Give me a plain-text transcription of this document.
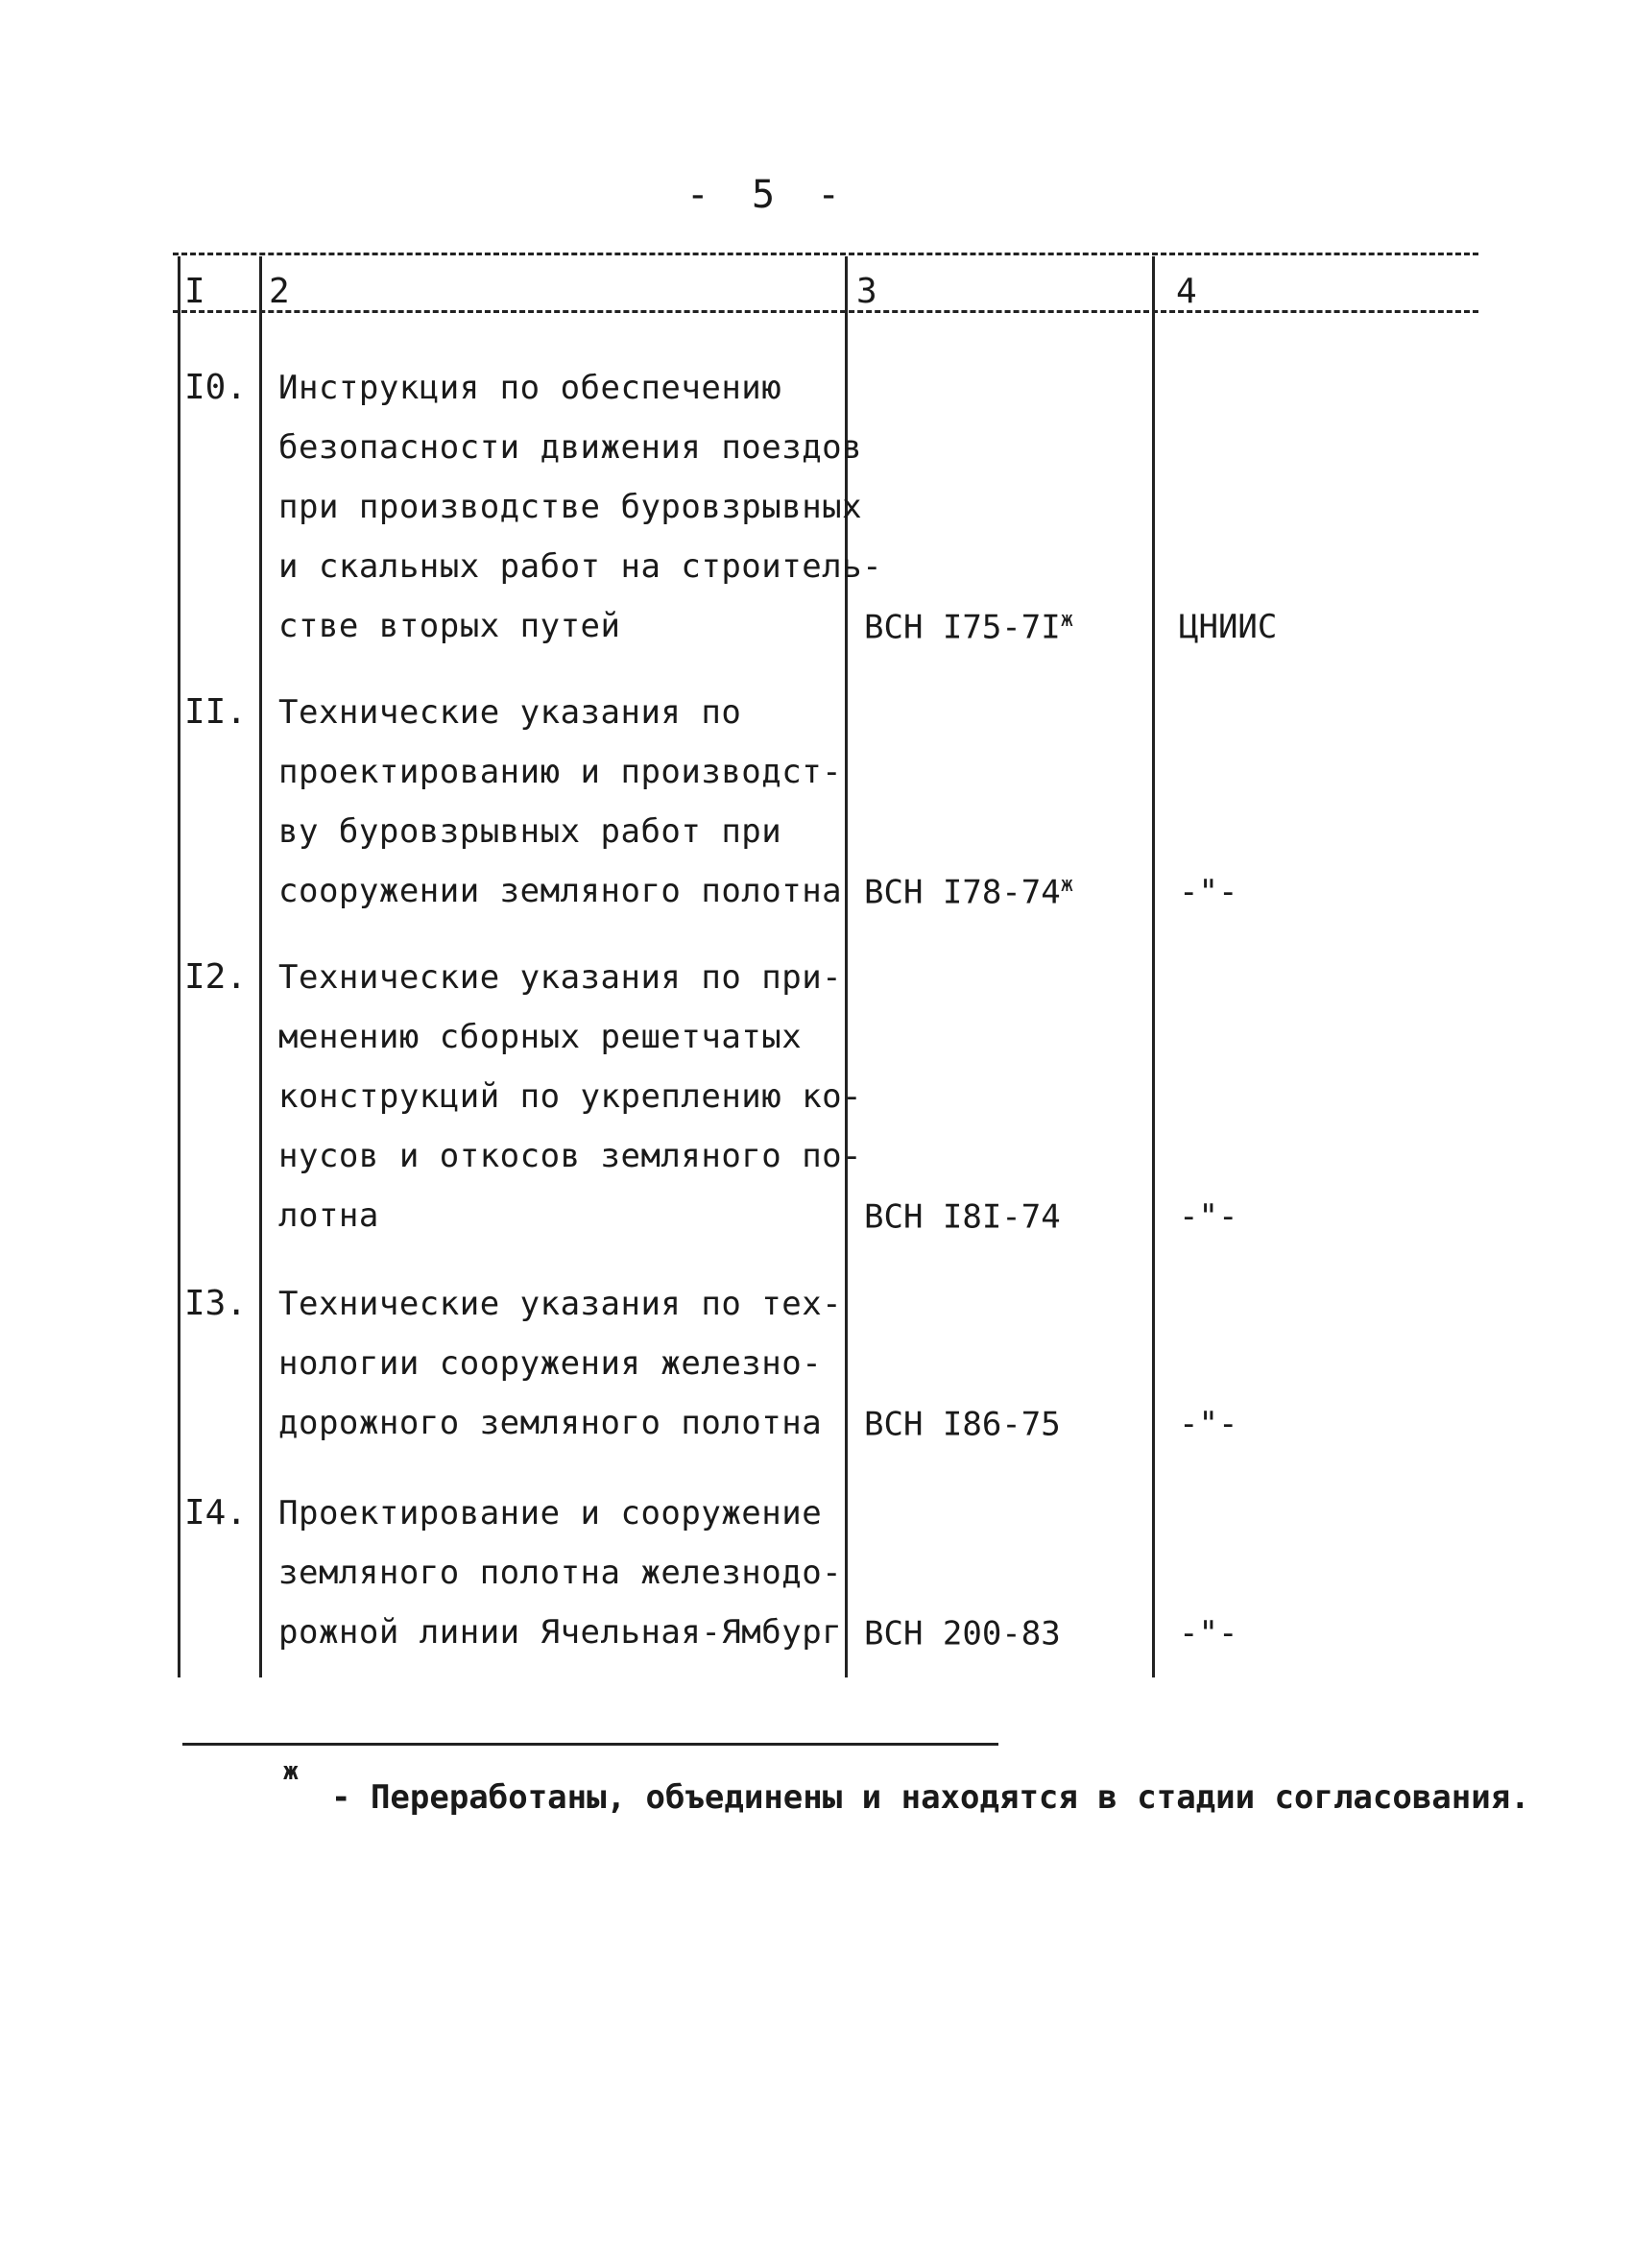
- 5 -
I 2	3	4
I0. Инструкция по обеспечению
безопасности движения поездов
при производстве буровзрывных
и скальных работ на строитель-
стве вторых путей	ВСН $I75-7I^ж$	ЦНИИС
II. Технические указания по
проектированию и производст-
ву буровзрывных работ при
сооружении земляного полотна ВСН $I78-74^ж$	-"-
I2. Технические указания по при-
менению сборных решетчатых
конструкций по укреплению ко-
нусов и откосов земляного по-
лотна	ВСН I8I-74	-"-
I3. Технические указания по тех-
нологии сооружения железно-
дорожного земляного полотна	ВСН I86-75	-"-
I4. Проектирование и сооружение
земляного полотна железнодо-
рожной линии Ячельная-Ямбург ВСН 200-83	-"-
ж
- Переработаны, объединены и находятся в стадии согласования.
